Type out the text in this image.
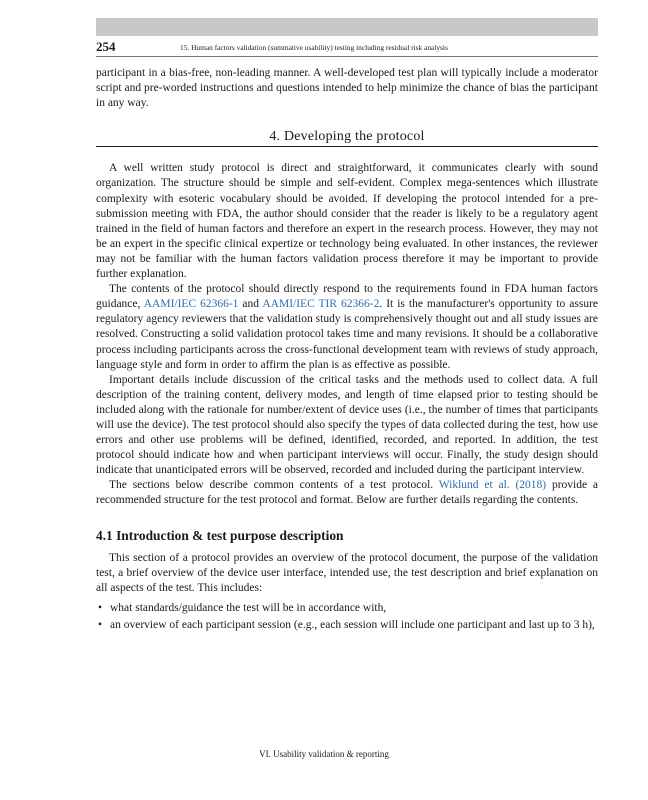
254	15. Human factors validation (summative usability) testing including residual risk analysis

participant in a bias-free, non-leading manner. A well-developed test plan will typically include a moderator script and pre-worded instructions and questions intended to help minimize the chance of bias the participant in any way.

4. Developing the protocol

A well written study protocol is direct and straightforward, it communicates clearly with sound organization. The structure should be simple and self-evident. Complex mega-sentences which illustrate complexity with esoteric vocabulary should be avoided. If developing the protocol intended for a pre-submission meeting with FDA, the author should consider that the reader is likely to be a regulatory agent trained in the field of human factors and therefore an expert in the research process. However, they may not be an expert in the specific clinical expertize or technology being evaluated. In other instances, the reviewer may not be familiar with the human factors validation process therefore it may be important to provide further explanation.

The contents of the protocol should directly respond to the requirements found in FDA human factors guidance, AAMI/IEC 62366-1 and AAMI/IEC TIR 62366-2. It is the manufacturer's opportunity to assure regulatory agency reviewers that the validation study is comprehensively thought out and all study issues are resolved. Constructing a solid validation protocol takes time and many revisions. It should be a collaborative process including participants across the cross-functional development team with reviews of study approach, language style and form in order to affirm the plan is as effective as possible.

Important details include discussion of the critical tasks and the methods used to collect data. A full description of the training content, delivery modes, and length of time elapsed prior to testing should be included along with the rationale for number/extent of device uses (i.e., the number of times that participants will use the device). The test protocol should also specify the types of data collected during the test, how use errors and other use problems will be defined, identified, recorded, and reported. In addition, the test protocol should indicate how and when participant interviews will occur. Finally, the study design should indicate that unanticipated errors will be observed, recorded and included during the participant interview.

The sections below describe common contents of a test protocol. Wiklund et al. (2018) provide a recommended structure for the test protocol and format. Below are further details regarding the contents.

4.1 Introduction & test purpose description

This section of a protocol provides an overview of the protocol document, the purpose of the validation test, a brief overview of the device user interface, intended use, the test description and brief explanation on all aspects of the test. This includes:

• what standards/guidance the test will be in accordance with,
• an overview of each participant session (e.g., each session will include one participant and last up to 3 h),
VI. Usability validation & reporting
